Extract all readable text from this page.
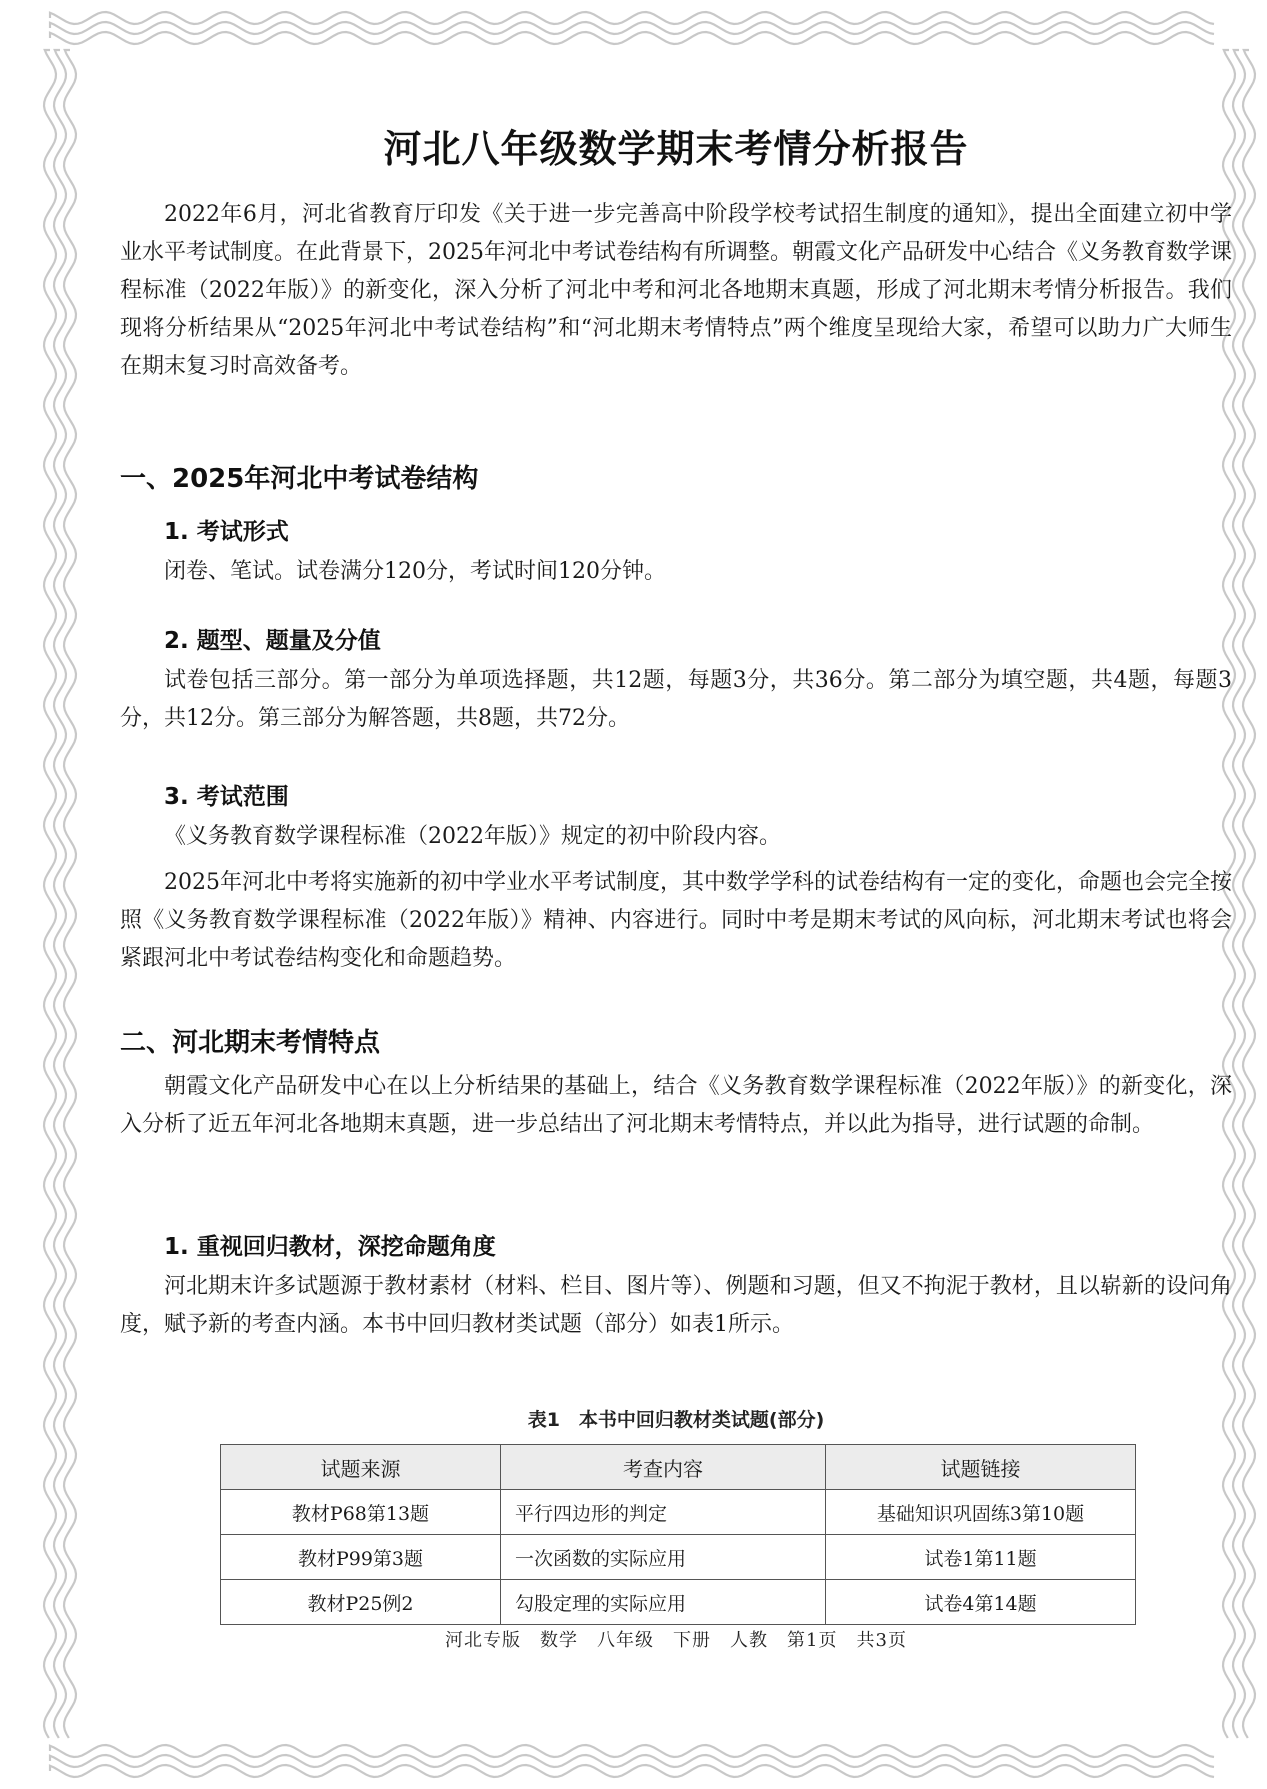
河北八年级数学期末考情分析报告

2022年6月，河北省教育厅印发《关于进一步完善高中阶段学校考试招生制度的通知》，提出全面建立初中学业水平考试制度。在此背景下，2025年河北中考试卷结构有所调整。朝霞文化产品研发中心结合《义务教育数学课程标准（2022年版）》的新变化，深入分析了河北中考和河北各地期末真题，形成了河北期末考情分析报告。我们现将分析结果从“2025年河北中考试卷结构”和“河北期末考情特点”两个维度呈现给大家，希望可以助力广大师生在期末复习时高效备考。

一、2025年河北中考试卷结构
1. 考试形式

闭卷、笔试。试卷满分120分，考试时间120分钟。

2. 题型、题量及分值

试卷包括三部分。第一部分为单项选择题，共12题，每题3分，共36分。第二部分为填空题，共4题，每题3分，共12分。第三部分为解答题，共8题，共72分。

3. 考试范围

《义务教育数学课程标准（2022年版）》规定的初中阶段内容。

2025年河北中考将实施新的初中学业水平考试制度，其中数学学科的试卷结构有一定的变化，命题也会完全按照《义务教育数学课程标准（2022年版）》精神、内容进行。同时中考是期末考试的风向标，河北期末考试也将会紧跟河北中考试卷结构变化和命题趋势。

二、河北期末考情特点

朝霞文化产品研发中心在以上分析结果的基础上，结合《义务教育数学课程标准（2022年版）》的新变化，深入分析了近五年河北各地期末真题，进一步总结出了河北期末考情特点，并以此为指导，进行试题的命制。

1. 重视回归教材，深挖命题角度

河北期末许多试题源于教材素材（材料、栏目、图片等）、例题和习题，但又不拘泥于教材，且以崭新的设问角度，赋予新的考查内涵。本书中回归教材类试题（部分）如表1所示。

表1　本书中回归教材类试题(部分)
试题来源	考查内容	试题链接
教材P68第13题	平行四边形的判定	基础知识巩固练3第10题
教材P99第3题	一次函数的实际应用	试卷1第11题
教材P25例2	勾股定理的实际应用	试卷4第14题
河北专版　数学　八年级　下册　人教　第1页　共3页
